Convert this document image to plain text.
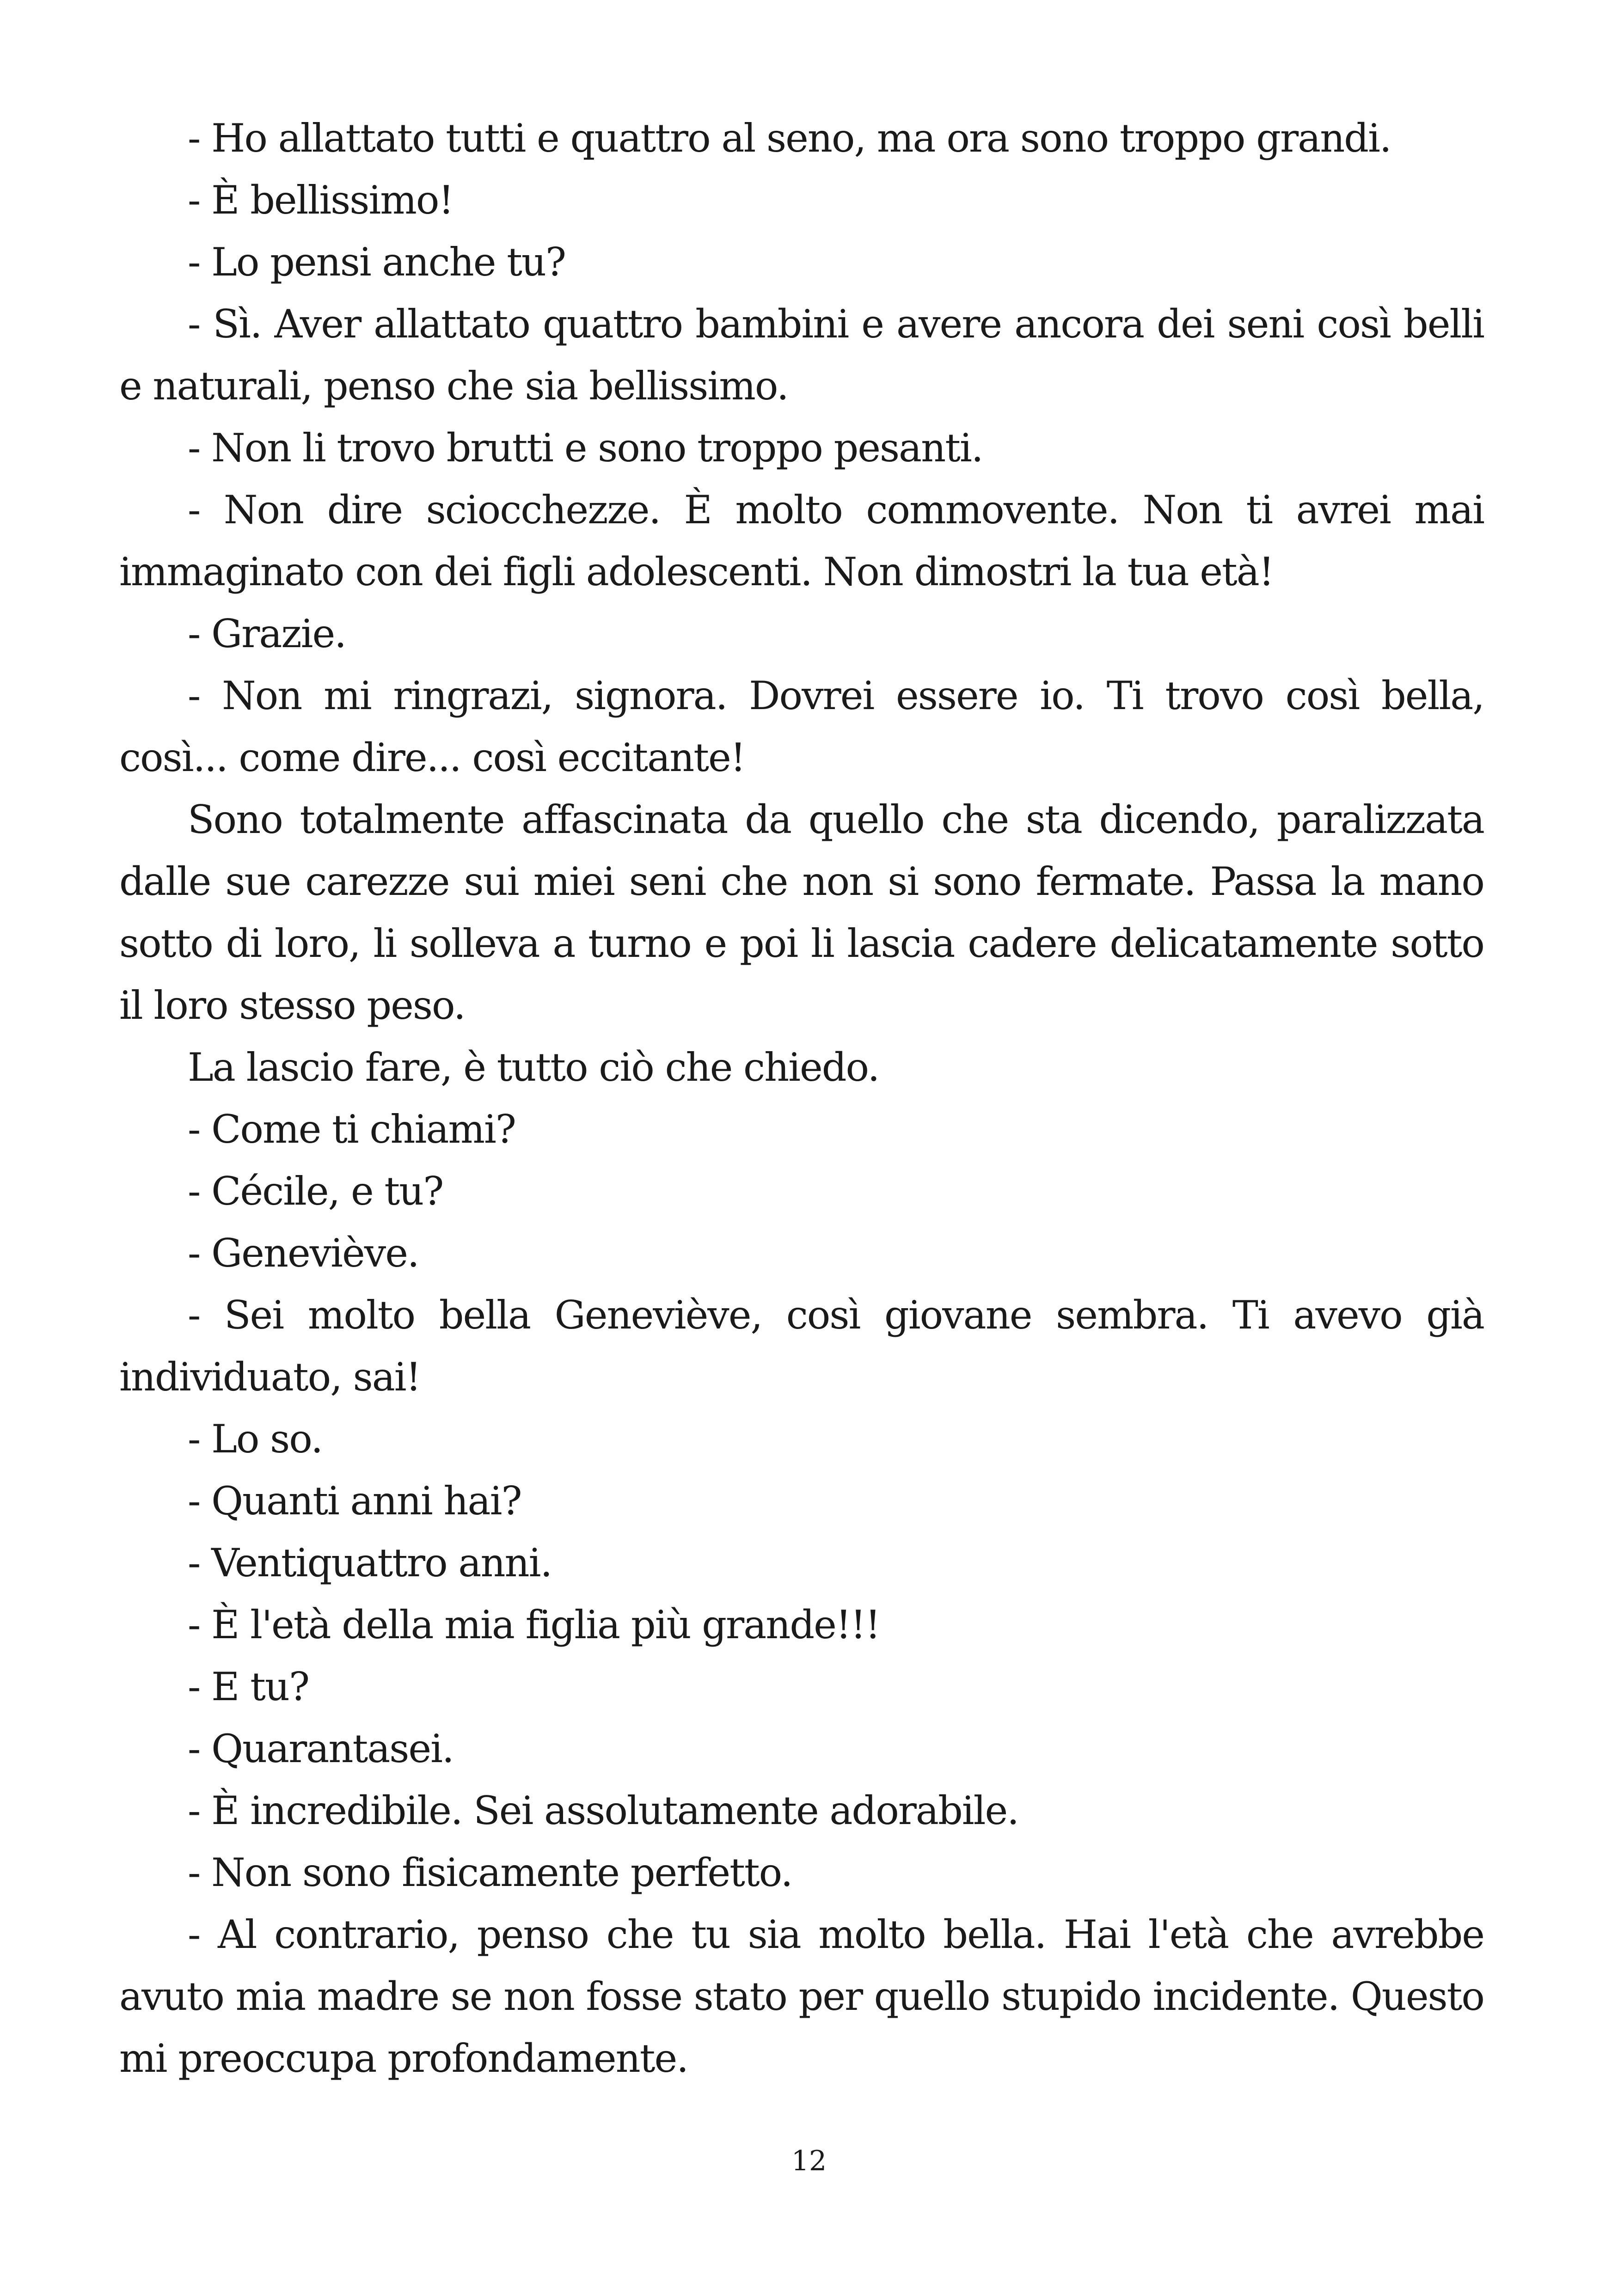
- Ho allattato tutti e quattro al seno, ma ora sono troppo grandi.

- È bellissimo!

- Lo pensi anche tu?

- Sì. Aver allattato quattro bambini e avere ancora dei seni così belli e naturali, penso che sia bellissimo.

- Non li trovo brutti e sono troppo pesanti.

- Non dire sciocchezze. È molto commovente. Non ti avrei mai immaginato con dei figli adolescenti. Non dimostri la tua età!

- Grazie.

- Non mi ringrazi, signora. Dovrei essere io. Ti trovo così bella, così... come dire... così eccitante!

Sono totalmente affascinata da quello che sta dicendo, paralizzata dalle sue carezze sui miei seni che non si sono fermate. Passa la mano sotto di loro, li solleva a turno e poi li lascia cadere delicatamente sotto il loro stesso peso.

La lascio fare, è tutto ciò che chiedo.

- Come ti chiami?

- Cécile, e tu?

- Geneviève.

- Sei molto bella Geneviève, così giovane sembra. Ti avevo già individuato, sai!

- Lo so.

- Quanti anni hai?

- Ventiquattro anni.

- È l'età della mia figlia più grande!!!

- E tu?

- Quarantasei.

- È incredibile. Sei assolutamente adorabile.

- Non sono fisicamente perfetto.

- Al contrario, penso che tu sia molto bella. Hai l'età che avrebbe avuto mia madre se non fosse stato per quello stupido incidente. Questo mi preoccupa profondamente.

12
